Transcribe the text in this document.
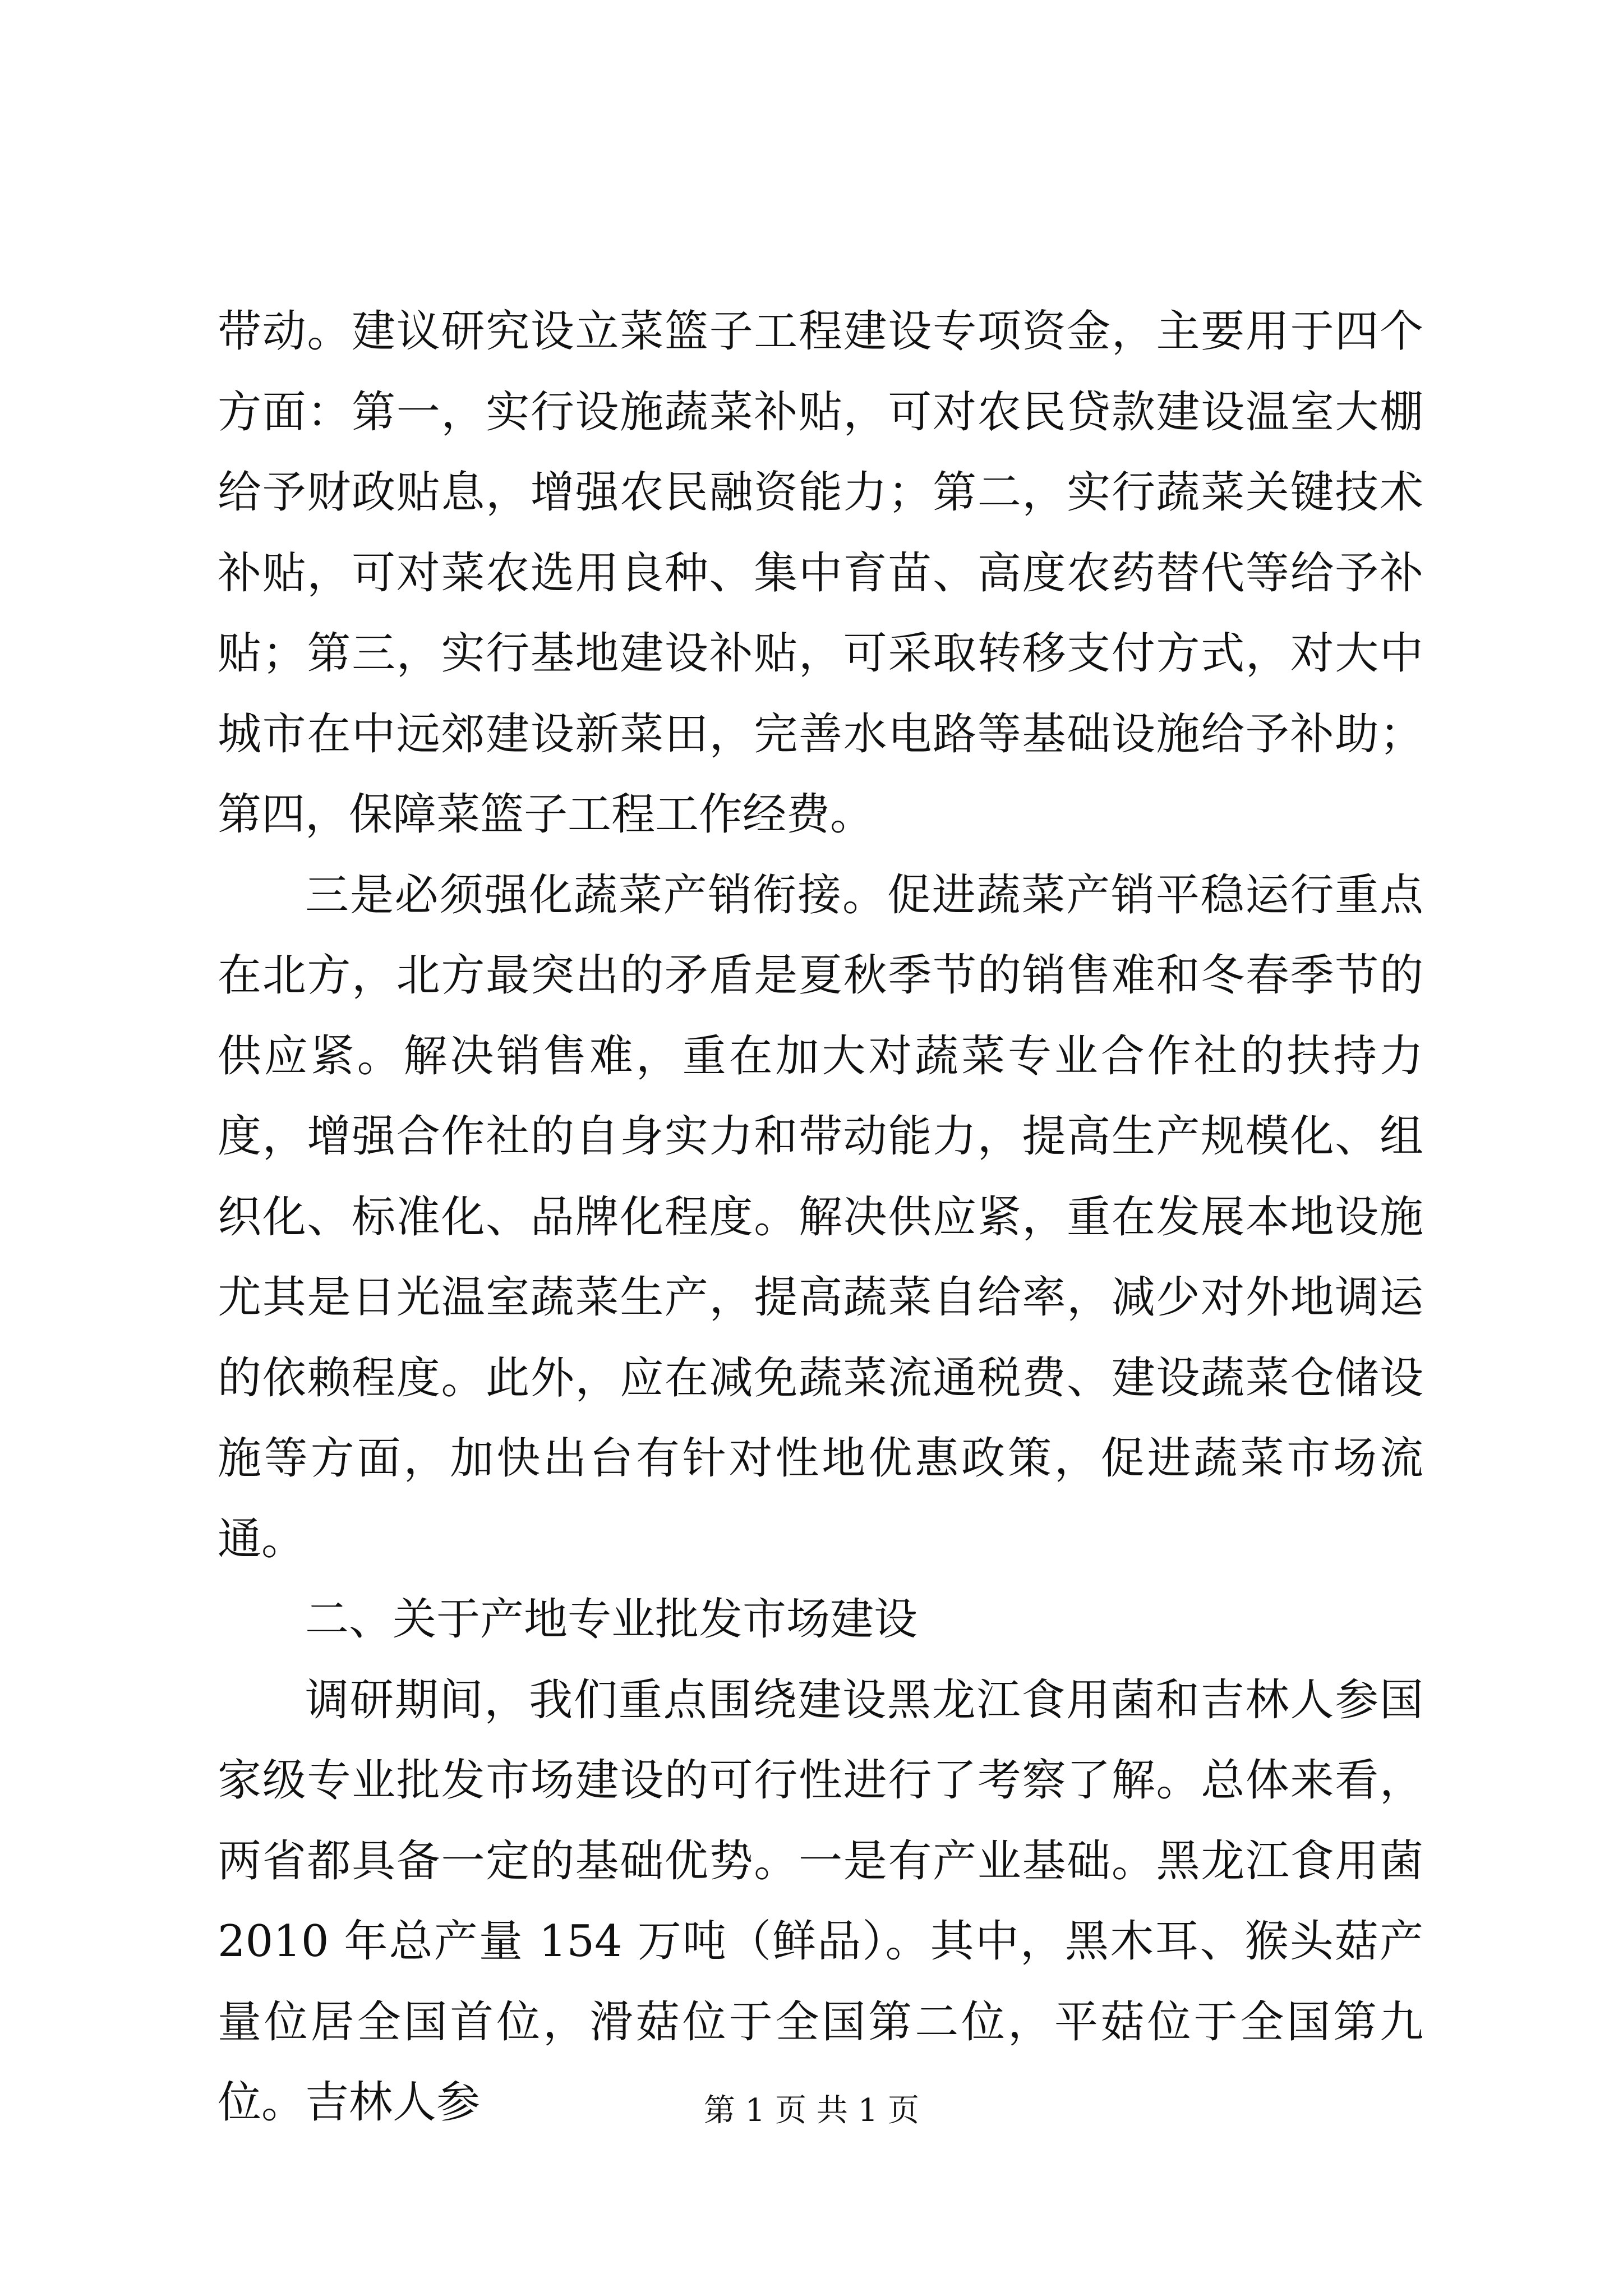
带动。建议研究设立菜篮子工程建设专项资金，主要用于四个方面：第一，实行设施蔬菜补贴，可对农民贷款建设温室大棚给予财政贴息，增强农民融资能力；第二，实行蔬菜关键技术补贴，可对菜农选用良种、集中育苗、高度农药替代等给予补贴；第三，实行基地建设补贴，可采取转移支付方式，对大中城市在中远郊建设新菜田，完善水电路等基础设施给予补助；第四，保障菜篮子工程工作经费。

三是必须强化蔬菜产销衔接。促进蔬菜产销平稳运行重点在北方，北方最突出的矛盾是夏秋季节的销售难和冬春季节的供应紧。解决销售难，重在加大对蔬菜专业合作社的扶持力度，增强合作社的自身实力和带动能力，提高生产规模化、组织化、标准化、品牌化程度。解决供应紧，重在发展本地设施尤其是日光温室蔬菜生产，提高蔬菜自给率，减少对外地调运的依赖程度。此外，应在减免蔬菜流通税费、建设蔬菜仓储设施等方面，加快出台有针对性地优惠政策，促进蔬菜市场流通。

二、关于产地专业批发市场建设

调研期间，我们重点围绕建设黑龙江食用菌和吉林人参国家级专业批发市场建设的可行性进行了考察了解。总体来看，两省都具备一定的基础优势。一是有产业基础。黑龙江食用菌 2010 年总产量 154 万吨（鲜品）。其中，黑木耳、猴头菇产量位居全国首位，滑菇位于全国第二位，平菇位于全国第九位。吉林人参	第 1 页 共 1 页
